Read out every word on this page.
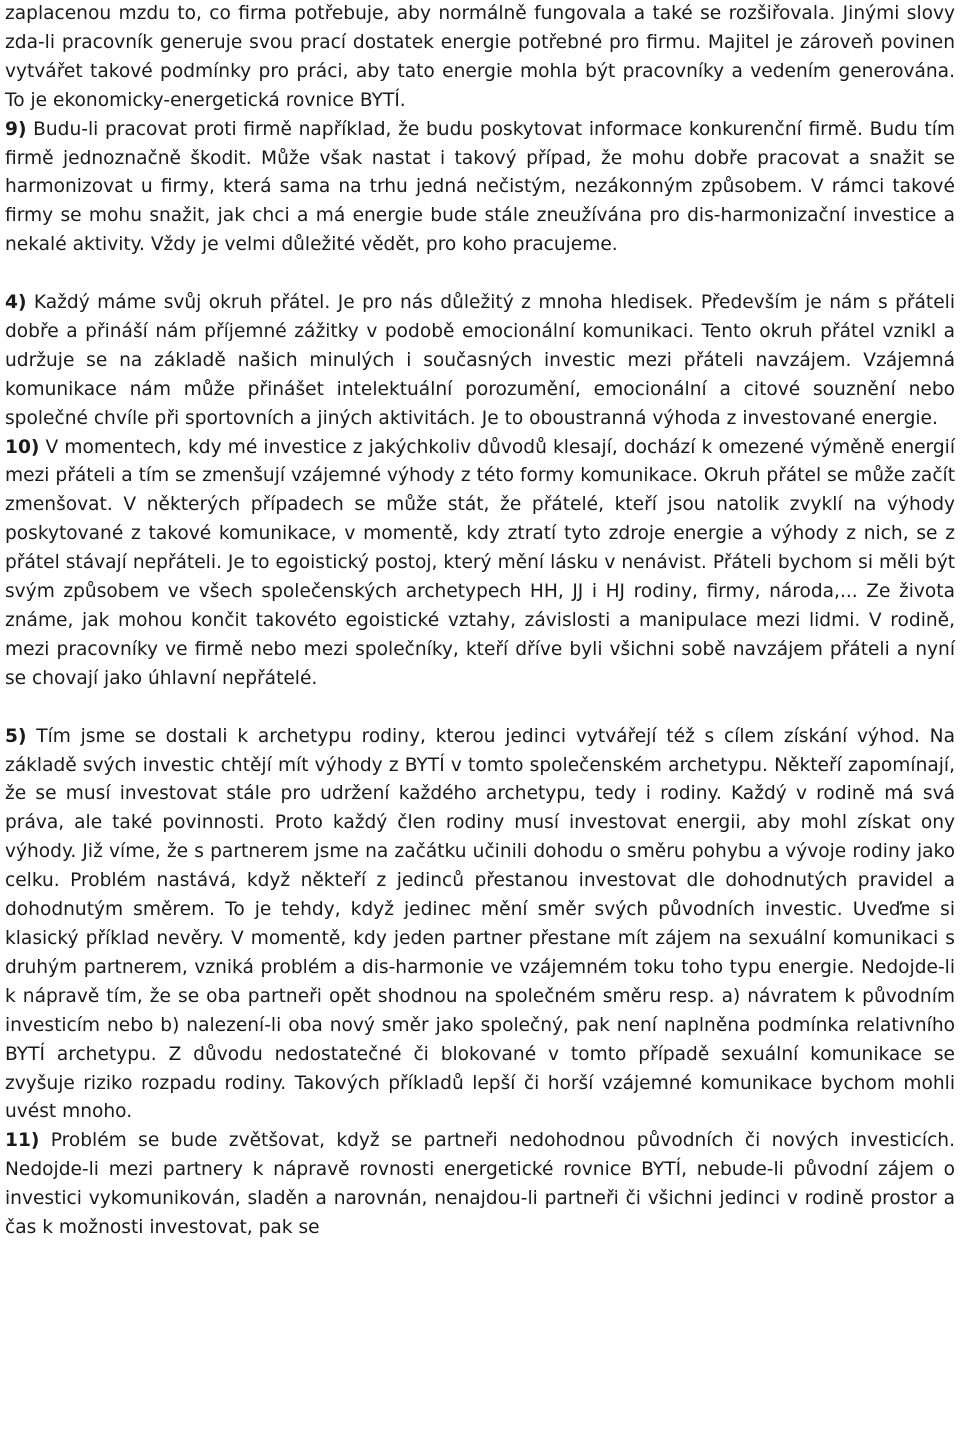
zaplacenou mzdu to, co firma potřebuje, aby normálně fungovala a také se rozšiřovala. Jinými slovy zda-li pracovník generuje svou prací dostatek energie potřebné pro firmu. Majitel je zároveň povinen vytvářet takové podmínky pro práci, aby tato energie mohla být pracovníky a vedením generována. To je ekonomicky-energetická rovnice BYTÍ.

9) Budu-li pracovat proti firmě například, že budu poskytovat informace konkurenční firmě. Budu tím firmě jednoznačně škodit. Může však nastat i takový případ, že mohu dobře pracovat a snažit se harmonizovat u firmy, která sama na trhu jedná nečistým, nezákonným způsobem. V rámci takové firmy se mohu snažit, jak chci a má energie bude stále zneužívána pro dis-harmonizační investice a nekalé aktivity. Vždy je velmi důležité vědět, pro koho pracujeme.

4) Každý máme svůj okruh přátel. Je pro nás důležitý z mnoha hledisek. Především je nám s přáteli dobře a přináší nám příjemné zážitky v podobě emocionální komunikaci. Tento okruh přátel vznikl a udržuje se na základě našich minulých i současných investic mezi přáteli navzájem. Vzájemná komunikace nám může přinášet intelektuální porozumění, emocionální a citové souznění nebo společné chvíle při sportovních a jiných aktivitách. Je to oboustranná výhoda z investované energie.

10) V momentech, kdy mé investice z jakýchkoliv důvodů klesají, dochází k omezené výměně energií mezi přáteli a tím se zmenšují vzájemné výhody z této formy komunikace. Okruh přátel se může začít zmenšovat. V některých případech se může stát, že přátelé, kteří jsou natolik zvyklí na výhody poskytované z takové komunikace, v momentě, kdy ztratí tyto zdroje energie a výhody z nich, se z přátel stávají nepřáteli. Je to egoistický postoj, který mění lásku v nenávist. Přáteli bychom si měli být svým způsobem ve všech společenských archetypech HH, JJ i HJ rodiny, firmy, národa,... Ze života známe, jak mohou končit takovéto egoistické vztahy, závislosti a manipulace mezi lidmi. V rodině, mezi pracovníky ve firmě nebo mezi společníky, kteří dříve byli všichni sobě navzájem přáteli a nyní se chovají jako úhlavní nepřátelé.

5) Tím jsme se dostali k archetypu rodiny, kterou jedinci vytvářejí též s cílem získání výhod. Na základě svých investic chtějí mít výhody z BYTÍ v tomto společenském archetypu. Někteří zapomínají, že se musí investovat stále pro udržení každého archetypu, tedy i rodiny. Každý v rodině má svá práva, ale také povinnosti. Proto každý člen rodiny musí investovat energii, aby mohl získat ony výhody. Již víme, že s partnerem jsme na začátku učinili dohodu o směru pohybu a vývoje rodiny jako celku. Problém nastává, když někteří z jedinců přestanou investovat dle dohodnutých pravidel a dohodnutým směrem. To je tehdy, když jedinec mění směr svých původních investic. Uveďme si klasický příklad nevěry. V momentě, kdy jeden partner přestane mít zájem na sexuální komunikaci s druhým partnerem, vzniká problém a dis-harmonie ve vzájemném toku toho typu energie. Nedojde-li k nápravě tím, že se oba partneři opět shodnou na společném směru resp. a) návratem k původním investicím nebo b) nalezení-li oba nový směr jako společný, pak není naplněna podmínka relativního BYTÍ archetypu. Z důvodu nedostatečné či blokované v tomto případě sexuální komunikace se zvyšuje riziko rozpadu rodiny. Takových příkladů lepší či horší vzájemné komunikace bychom mohli uvést mnoho.

11) Problém se bude zvětšovat, když se partneři nedohodnou původních či nových investicích. Nedojde-li mezi partnery k nápravě rovnosti energetické rovnice BYTÍ, nebude-li původní zájem o investici vykomunikován, sladěn a narovnán, nenajdou-li partneři či všichni jedinci v rodině prostor a čas k možnosti investovat, pak se
